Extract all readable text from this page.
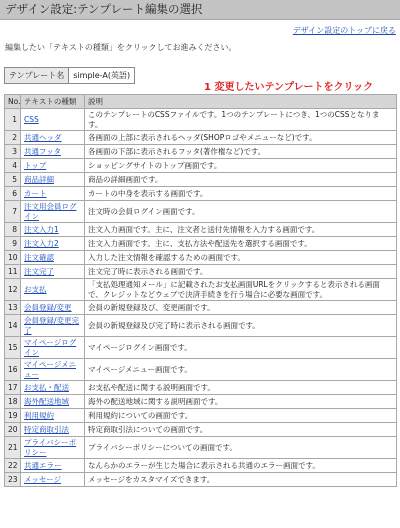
デザイン設定:テンプレート編集の選択
デザイン設定のトップに戻る
編集したい「テキストの種類」をクリックしてお進みください。
テンプレート名	simple-A(英語)
1 変更したいテンプレートをクリック
No.	テキストの種類	説明
1	CSS	このテンプレートのCSSファイルです。1つのテンプレートにつき、1つのCSSとなります。
2	共通ヘッダ	各画面の上部に表示されるヘッダ(SHOPロゴやメニューなど)です。
3	共通フッタ	各画面の下部に表示されるフッタ(著作権など)です。
4	トップ	ショッピングサイトのトップ画面です。
5	商品詳細	商品の詳細画面です。
6	カート	カートの中身を表示する画面です。
7	注文用会員ログイン	注文時の会員ログイン画面です。
8	注文入力1	注文入力画面です。主に、注文者と送付先情報を入力する画面です。
9	注文入力2	注文入力画面です。主に、支払方法や配送先を選択する画面です。
10	注文確認	入力した注文情報を確認するための画面です。
11	注文完了	注文完了時に表示される画面です。
12	お支払	「支払処理通知メール」に記載されたお支払画面URLをクリックすると表示される画面で、クレジットなどウェブで決済手続きを行う場合に必要な画面です。
13	会員登録/変更	会員の新規登録及び、変更画面です。
14	会員登録/変更完了	会員の新規登録及び完了時に表示される画面です。
15	マイページログイン	マイページログイン画面です。
16	マイページメニュー	マイページメニュー画面です。
17	お支払・配送	お支払や配送に関する説明画面です。
18	海外配送地域	海外の配送地域に関する説明画面です。
19	利用規約	利用規約についての画面です。
20	特定商取引法	特定商取引法についての画面です。
21	プライバシーポリシー	プライバシーポリシーについての画面です。
22	共通エラー	なんらかのエラーが生じた場合に表示される共通のエラー画面です。
23	メッセージ	メッセージをカスタマイズできます。
